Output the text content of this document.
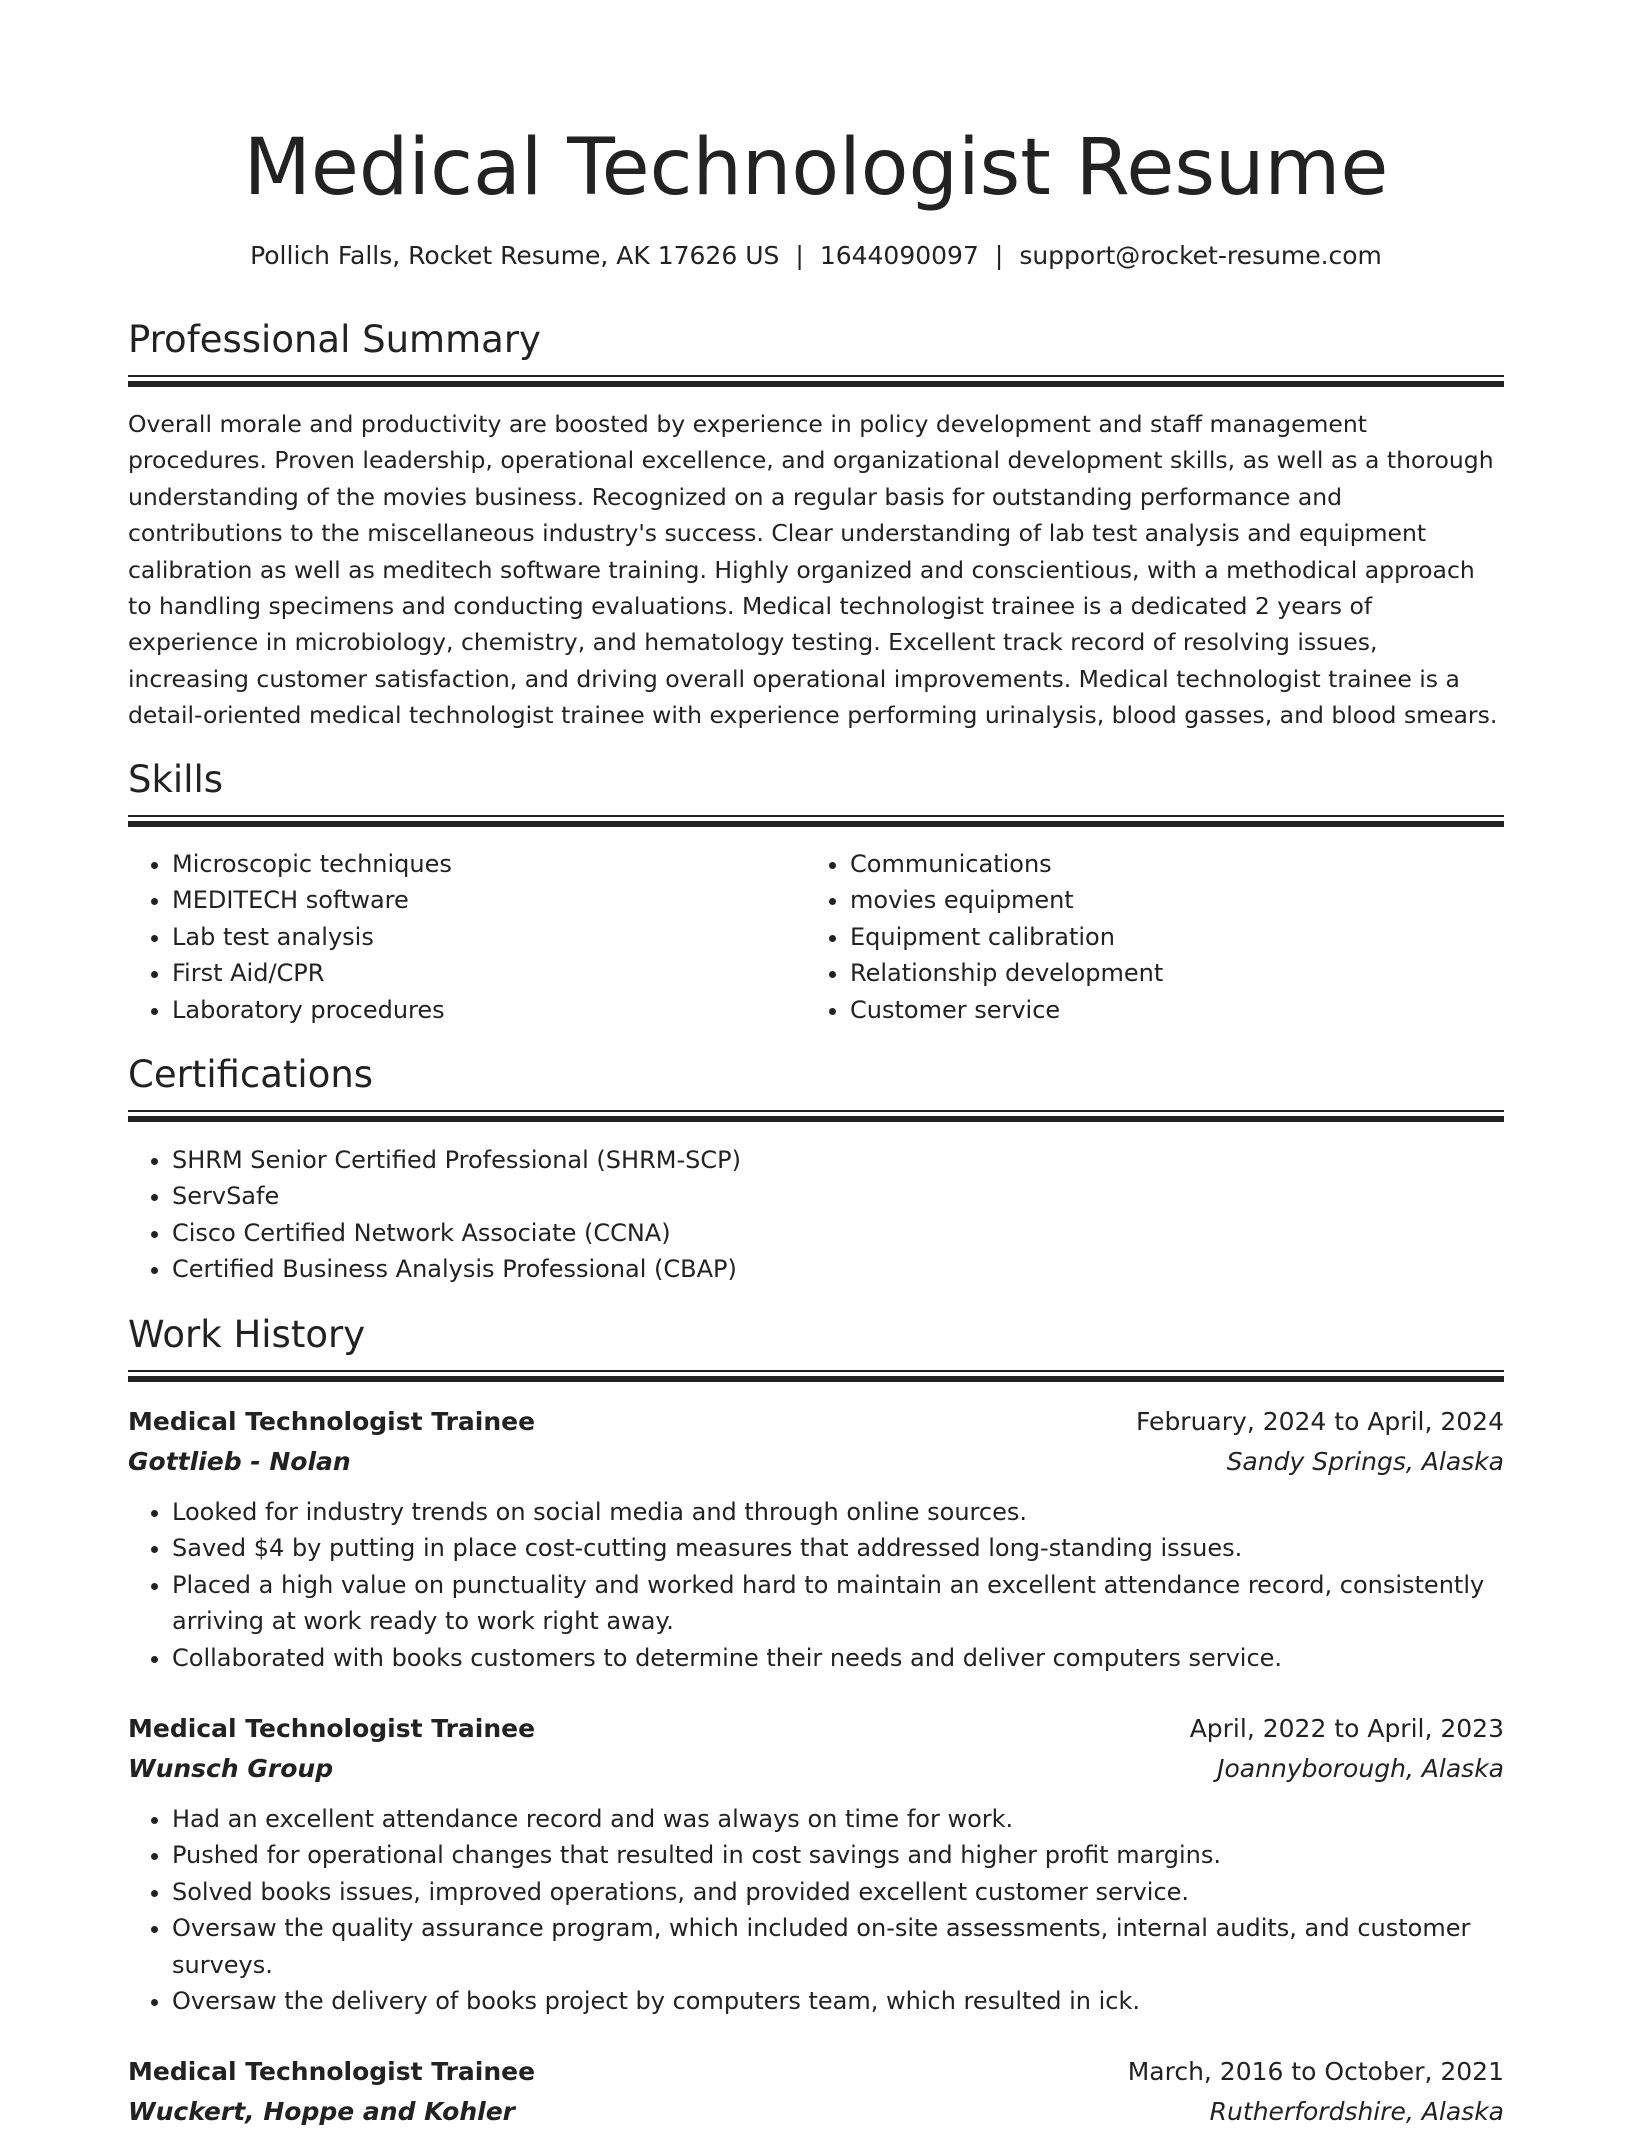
Medical Technologist Resume
Pollich Falls, Rocket Resume, AK 17626 US | 1644090097 | support@rocket-resume.com
Professional Summary

Overall morale and productivity are boosted by experience in policy development and staff management procedures. Proven leadership, operational excellence, and organizational development skills, as well as a thorough understanding of the movies business. Recognized on a regular basis for outstanding performance and contributions to the miscellaneous industry's success. Clear understanding of lab test analysis and equipment calibration as well as meditech software training. Highly organized and conscientious, with a methodical approach to handling specimens and conducting evaluations. Medical technologist trainee is a dedicated 2 years of experience in microbiology, chemistry, and hematology testing. Excellent track record of resolving issues, increasing customer satisfaction, and driving overall operational improvements. Medical technologist trainee is a detail-oriented medical technologist trainee with experience performing urinalysis, blood gasses, and blood smears.

Skills
• Microscopic techniques
• MEDITECH software
• Lab test analysis
• First Aid/CPR
• Laboratory procedures
• Communications
• movies equipment
• Equipment calibration
• Relationship development
• Customer service
Certifications
• SHRM Senior Certified Professional (SHRM-SCP)
• ServSafe
• Cisco Certified Network Associate (CCNA)
• Certified Business Analysis Professional (CBAP)
Work History
Medical Technologist Trainee	February, 2024 to April, 2024
Gottlieb - Nolan	Sandy Springs, Alaska
• Looked for industry trends on social media and through online sources.
• Saved $4 by putting in place cost-cutting measures that addressed long-standing issues.
• Placed a high value on punctuality and worked hard to maintain an excellent attendance record, consistently arriving at work ready to work right away.
• Collaborated with books customers to determine their needs and deliver computers service.
Medical Technologist Trainee	April, 2022 to April, 2023
Wunsch Group	Joannyborough, Alaska
• Had an excellent attendance record and was always on time for work.
• Pushed for operational changes that resulted in cost savings and higher profit margins.
• Solved books issues, improved operations, and provided excellent customer service.
• Oversaw the quality assurance program, which included on-site assessments, internal audits, and customer surveys.
• Oversaw the delivery of books project by computers team, which resulted in ick.
Medical Technologist Trainee	March, 2016 to October, 2021
Wuckert, Hoppe and Kohler	Rutherfordshire, Alaska
